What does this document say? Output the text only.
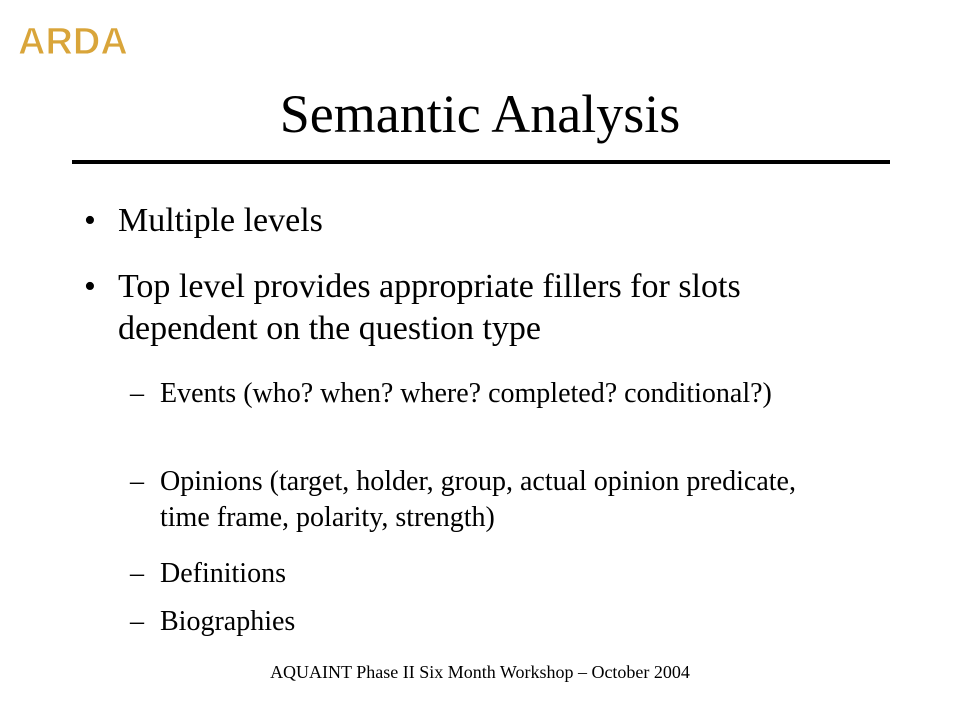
ARDA
Semantic Analysis
• Multiple levels
• Top level provides appropriate fillers for slots dependent on the question type
– Events (who? when? where? completed? conditional?)
– Opinions (target, holder, group, actual opinion predicate, time frame, polarity, strength)
– Definitions
– Biographies
AQUAINT Phase II Six Month Workshop – October 2004
